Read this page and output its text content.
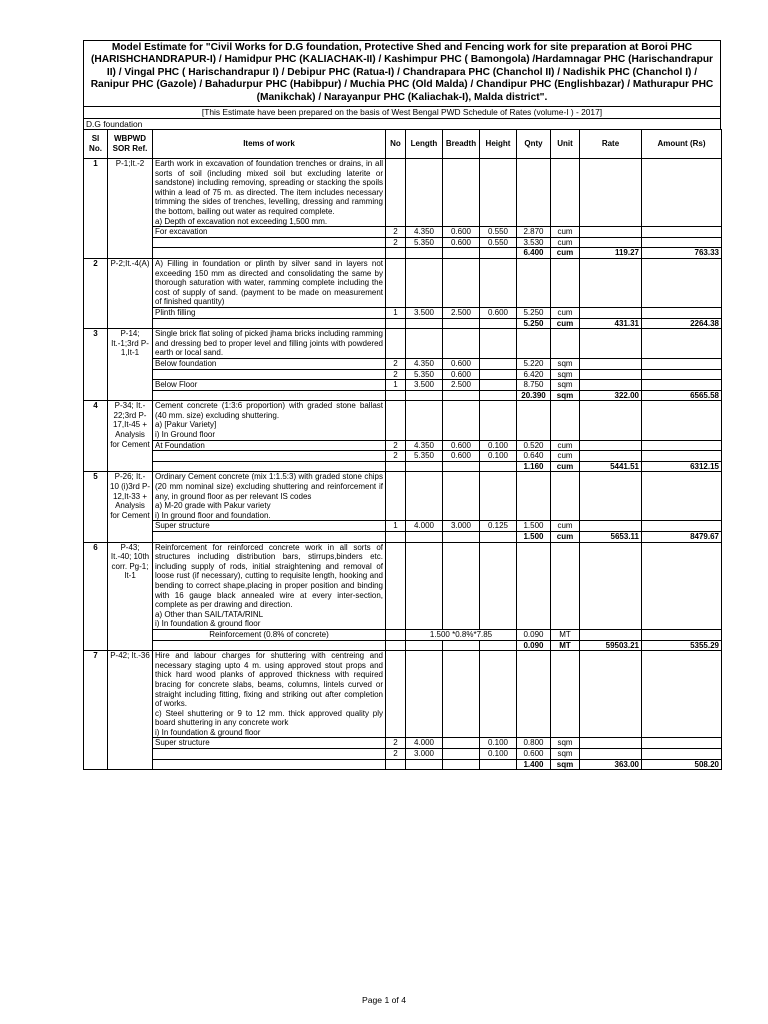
Model Estimate for "Civil Works for D.G foundation, Protective Shed and Fencing work for site preparation at Boroi PHC (HARISHCHANDRAPUR-I) / Hamidpur PHC (KALIACHAK-II) / Kashimpur PHC ( Bamongola) /Hardamnagar PHC (Harischandrapur II) / Vingal PHC ( Harischandrapur I) / Debipur PHC (Ratua-I) / Chandrapara PHC (Chanchol II) / Nadishik PHC (Chanchol I) / Ranipur PHC (Gazole) / Bahadurpur PHC (Habibpur) / Muchia PHC (Old Malda) / Chandipur PHC (Englishbazar) / Mathurapur PHC (Manikchak) / Narayanpur PHC (Kaliachak-I), Malda district".
[This Estimate have been prepared on the basis of West Bengal PWD Schedule of Rates (volume-I ) - 2017]
D.G foundation
Sl No.	WBPWD SOR Ref.	Items of work	No	Length	Breadth	Height	Qnty	Unit	Rate	Amount (Rs)
1	P-1;It.-2	Earth work in excavation of foundation trenches or drains, in all sorts of soil (including mixed soil but excluding laterite or sandstone) including removing, spreading or stacking the spoils within a lead of 75 m. as directed. The item includes necessary trimming the sides of trenches, levelling, dressing and ramming the bottom, bailing out water as required complete.
a) Depth of excavation not exceeding 1,500 mm.								
		For excavation	2	4.350	0.600	0.550	2.870	cum		
			2	5.350	0.600	0.550	3.530	cum		
							6.400	cum	119.27	763.33
2	P-2;It.-4(A)	A) Filling in foundation or plinth by silver sand in layers not exceeding 150 mm as directed and consolidating the same by thorough saturation with water, ramming complete including the cost of supply of sand. (payment to be made on measurement of finished quantity)								
		Plinth filling	1	3.500	2.500	0.600	5.250	cum		
							5.250	cum	431.31	2264.38
3	P-14; It.-1;3rd P-1,It-1	Single brick flat soling of picked jhama bricks including ramming and dressing bed to proper level and filling joints with powdered earth or local sand.								
		Below foundation	2	4.350	0.600		5.220	sqm		
			2	5.350	0.600		6.420	sqm		
		Below Floor	1	3.500	2.500		8.750	sqm		
							20.390	sqm	322.00	6565.58
4	P-34; It.- 22;3rd P-17,It-45 + Analysis for Cement	Cement concrete (1:3:6 proportion) with graded stone ballast (40 mm. size) excluding shuttering.
a) [Pakur Variety]
i) In Ground floor								
		At Foundation	2	4.350	0.600	0.100	0.520	cum		
			2	5.350	0.600	0.100	0.640	cum		
							1.160	cum	5441.51	6312.15
5	P-26; It.- 10 (i)3rd P-12,It-33 + Analysis for Cement	Ordinary Cement concrete (mix 1:1.5:3) with graded stone chips (20 mm nominal size) excluding shuttering and reinforcement if any, in ground floor as per relevant IS codes
a) M-20 grade with Pakur variety
i) In ground floor and foundation.								
		Super structure	1	4.000	3.000	0.125	1.500	cum		
							1.500	cum	5653.11	8479.67
6	P-43; It.-40; 10th corr. Pg-1; It-1	Reinforcement for reinforced concrete work in all sorts of structures including distribution bars, stirrups,binders etc. including supply of rods, initial straightening and removal of loose rust (if necessary), cutting to requisite length, hooking and bending to correct shape,placing in proper position and binding with 16 gauge black annealed wire at every inter-section, complete as per drawing and direction.
a) Other than SAIL/TATA/RINL
i) In foundation & ground floor								
		Reinforcement (0.8% of concrete)		1.500 *0.8%*7.85			0.090	MT		
							0.090	MT	59503.21	5355.29
7	P-42; It.-36	Hire and labour charges for shuttering with centreing and necessary staging upto 4 m. using approved stout props and thick hard wood planks of approved thickness with required bracing for concrete slabs, beams, columns, lintels curved or straight including fitting, fixing and striking out after completion of works.
c) Steel shuttering or 9 to 12 mm. thick approved quality ply board shuttering in any concrete work
i) In foundation & ground floor								
		Super structure	2	4.000		0.100	0.800	sqm		
			2	3.000		0.100	0.600	sqm		
							1.400	sqm	363.00	508.20
Page 1 of 4
